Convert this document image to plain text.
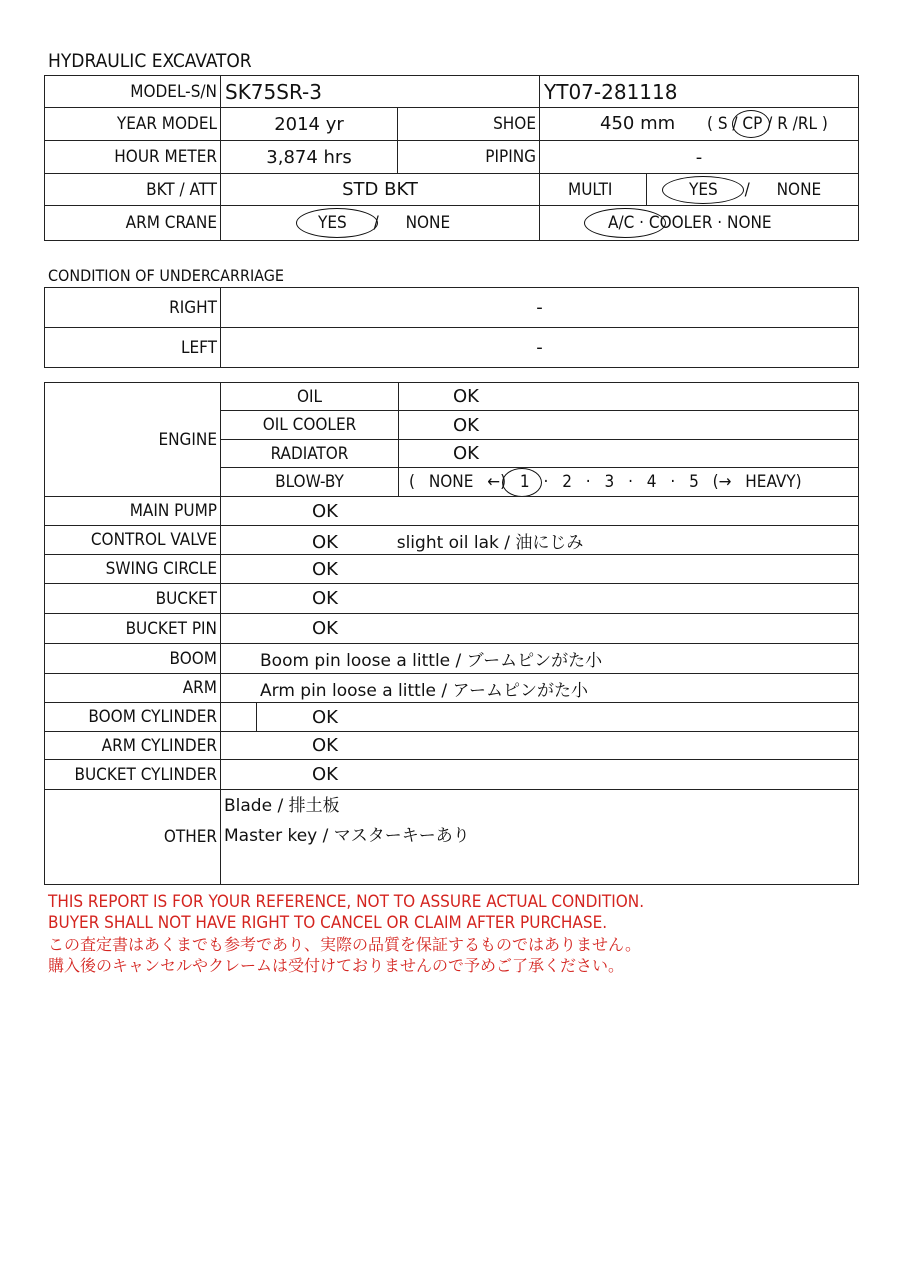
HYDRAULIC EXCAVATOR
MODEL-S/N	SK75SR-3		YT07-281118	
YEAR MODEL	2014 yr	SHOE	450 mm ( S / CP / R /RL )	

HOUR METER	3,874 hrs	PIPING	-	
BKT / ATT	STD BKT		MULTI	YES / NONE

ARM CRANE	YES / NONE		A/C · COOLER · NONE	
CONDITION OF UNDERCARRIAGE
RIGHT	-
LEFT	-
ENGINE	OIL		OK
	OIL COOLER		OK
	RADIATOR		OK
	BLOW-BY		( NONE ←) 1 · 2 · 3 · 4 · 5 (→ HEAVY)

MAIN PUMP	OK		
CONTROL VALVE	OK slight oil lak / 油にじみ		
SWING CIRCLE	OK		
BUCKET	OK		
BUCKET PIN	OK		
BOOM	Boom pin loose a little / ブームピンがた小		
ARM	Arm pin loose a little / アームピンがた小		
BOOM CYLINDER		OK	
ARM CYLINDER	OK		
BUCKET CYLINDER	OK		
OTHER	Blade / 排土板
Master key / マスターキーあり		
THIS REPORT IS FOR YOUR REFERENCE, NOT TO ASSURE ACTUAL CONDITION.
BUYER SHALL NOT HAVE RIGHT TO CANCEL OR CLAIM AFTER PURCHASE.
この査定書はあくまでも参考であり、実際の品質を保証するものではありません。
購入後のキャンセルやクレームは受付けておりませんので予めご了承ください。
